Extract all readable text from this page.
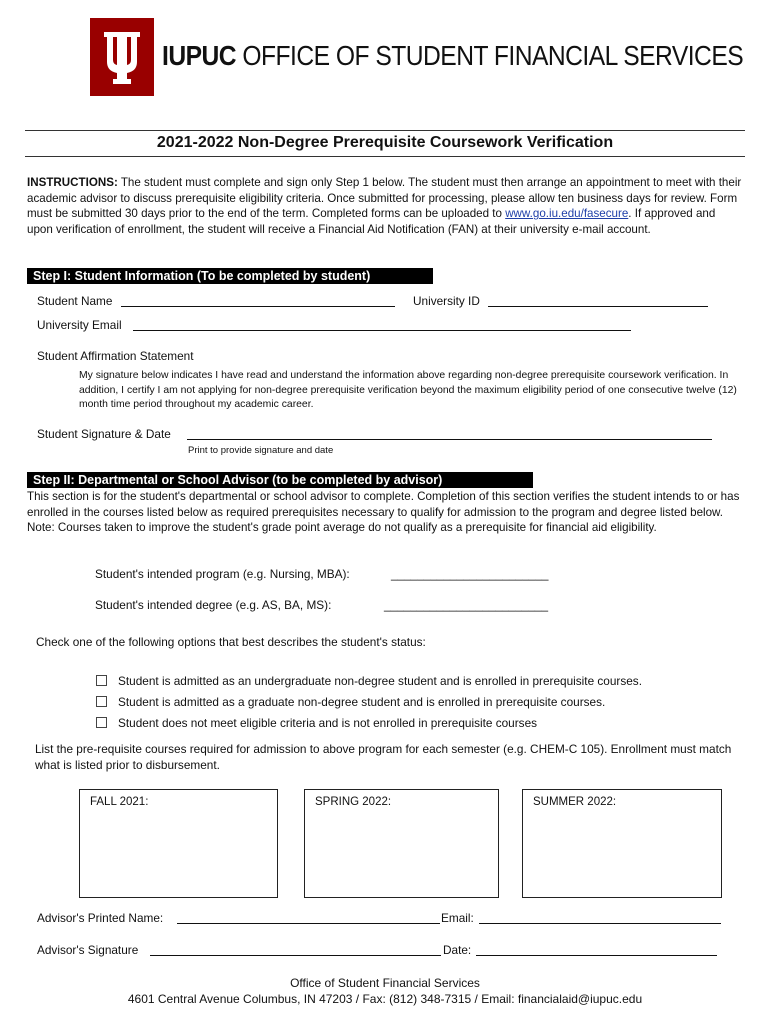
IUPUC OFFICE OF STUDENT FINANCIAL SERVICES
2021-2022 Non-Degree Prerequisite Coursework Verification
INSTRUCTIONS: The student must complete and sign only Step 1 below. The student must then arrange an appointment to meet with their academic advisor to discuss prerequisite eligibility criteria. Once submitted for processing, please allow ten business days for review. Form must be submitted 30 days prior to the end of the term. Completed forms can be uploaded to www.go.iu.edu/fasecure. If approved and upon verification of enrollment, the student will receive a Financial Aid Notification (FAN) at their university e-mail account.
Step I: Student Information (To be completed by student)
Student Name	University ID
University Email
Student Affirmation Statement
My signature below indicates I have read and understand the information above regarding non-degree prerequisite coursework verification. In addition, I certify I am not applying for non-degree prerequisite verification beyond the maximum eligibility period of one consecutive twelve (12) month time period throughout my academic career.
Student Signature & Date
Print to provide signature and date
Step II: Departmental or School Advisor (to be completed by advisor)
This section is for the student's departmental or school advisor to complete. Completion of this section verifies the student intends to or has enrolled in the courses listed below as required prerequisites necessary to qualify for admission to the program and degree listed below. Note: Courses taken to improve the student's grade point average do not qualify as a prerequisite for financial aid eligibility.
Student's intended program (e.g. Nursing, MBA):	________________________
Student's intended degree (e.g. AS, BA, MS):	_________________________
Check one of the following options that best describes the student's status:
Student is admitted as an undergraduate non-degree student and is enrolled in prerequisite courses.
Student is admitted as a graduate non-degree student and is enrolled in prerequisite courses.
Student does not meet eligible criteria and is not enrolled in prerequisite courses
List the pre-requisite courses required for admission to above program for each semester (e.g. CHEM-C 105). Enrollment must match what is listed prior to disbursement.
FALL 2021:	SPRING 2022:	SUMMER 2022:
Advisor's Printed Name:	Email:
Advisor's Signature	Date:
Office of Student Financial Services
4601 Central Avenue Columbus, IN 47203 / Fax: (812) 348-7315 / Email: financialaid@iupuc.edu
